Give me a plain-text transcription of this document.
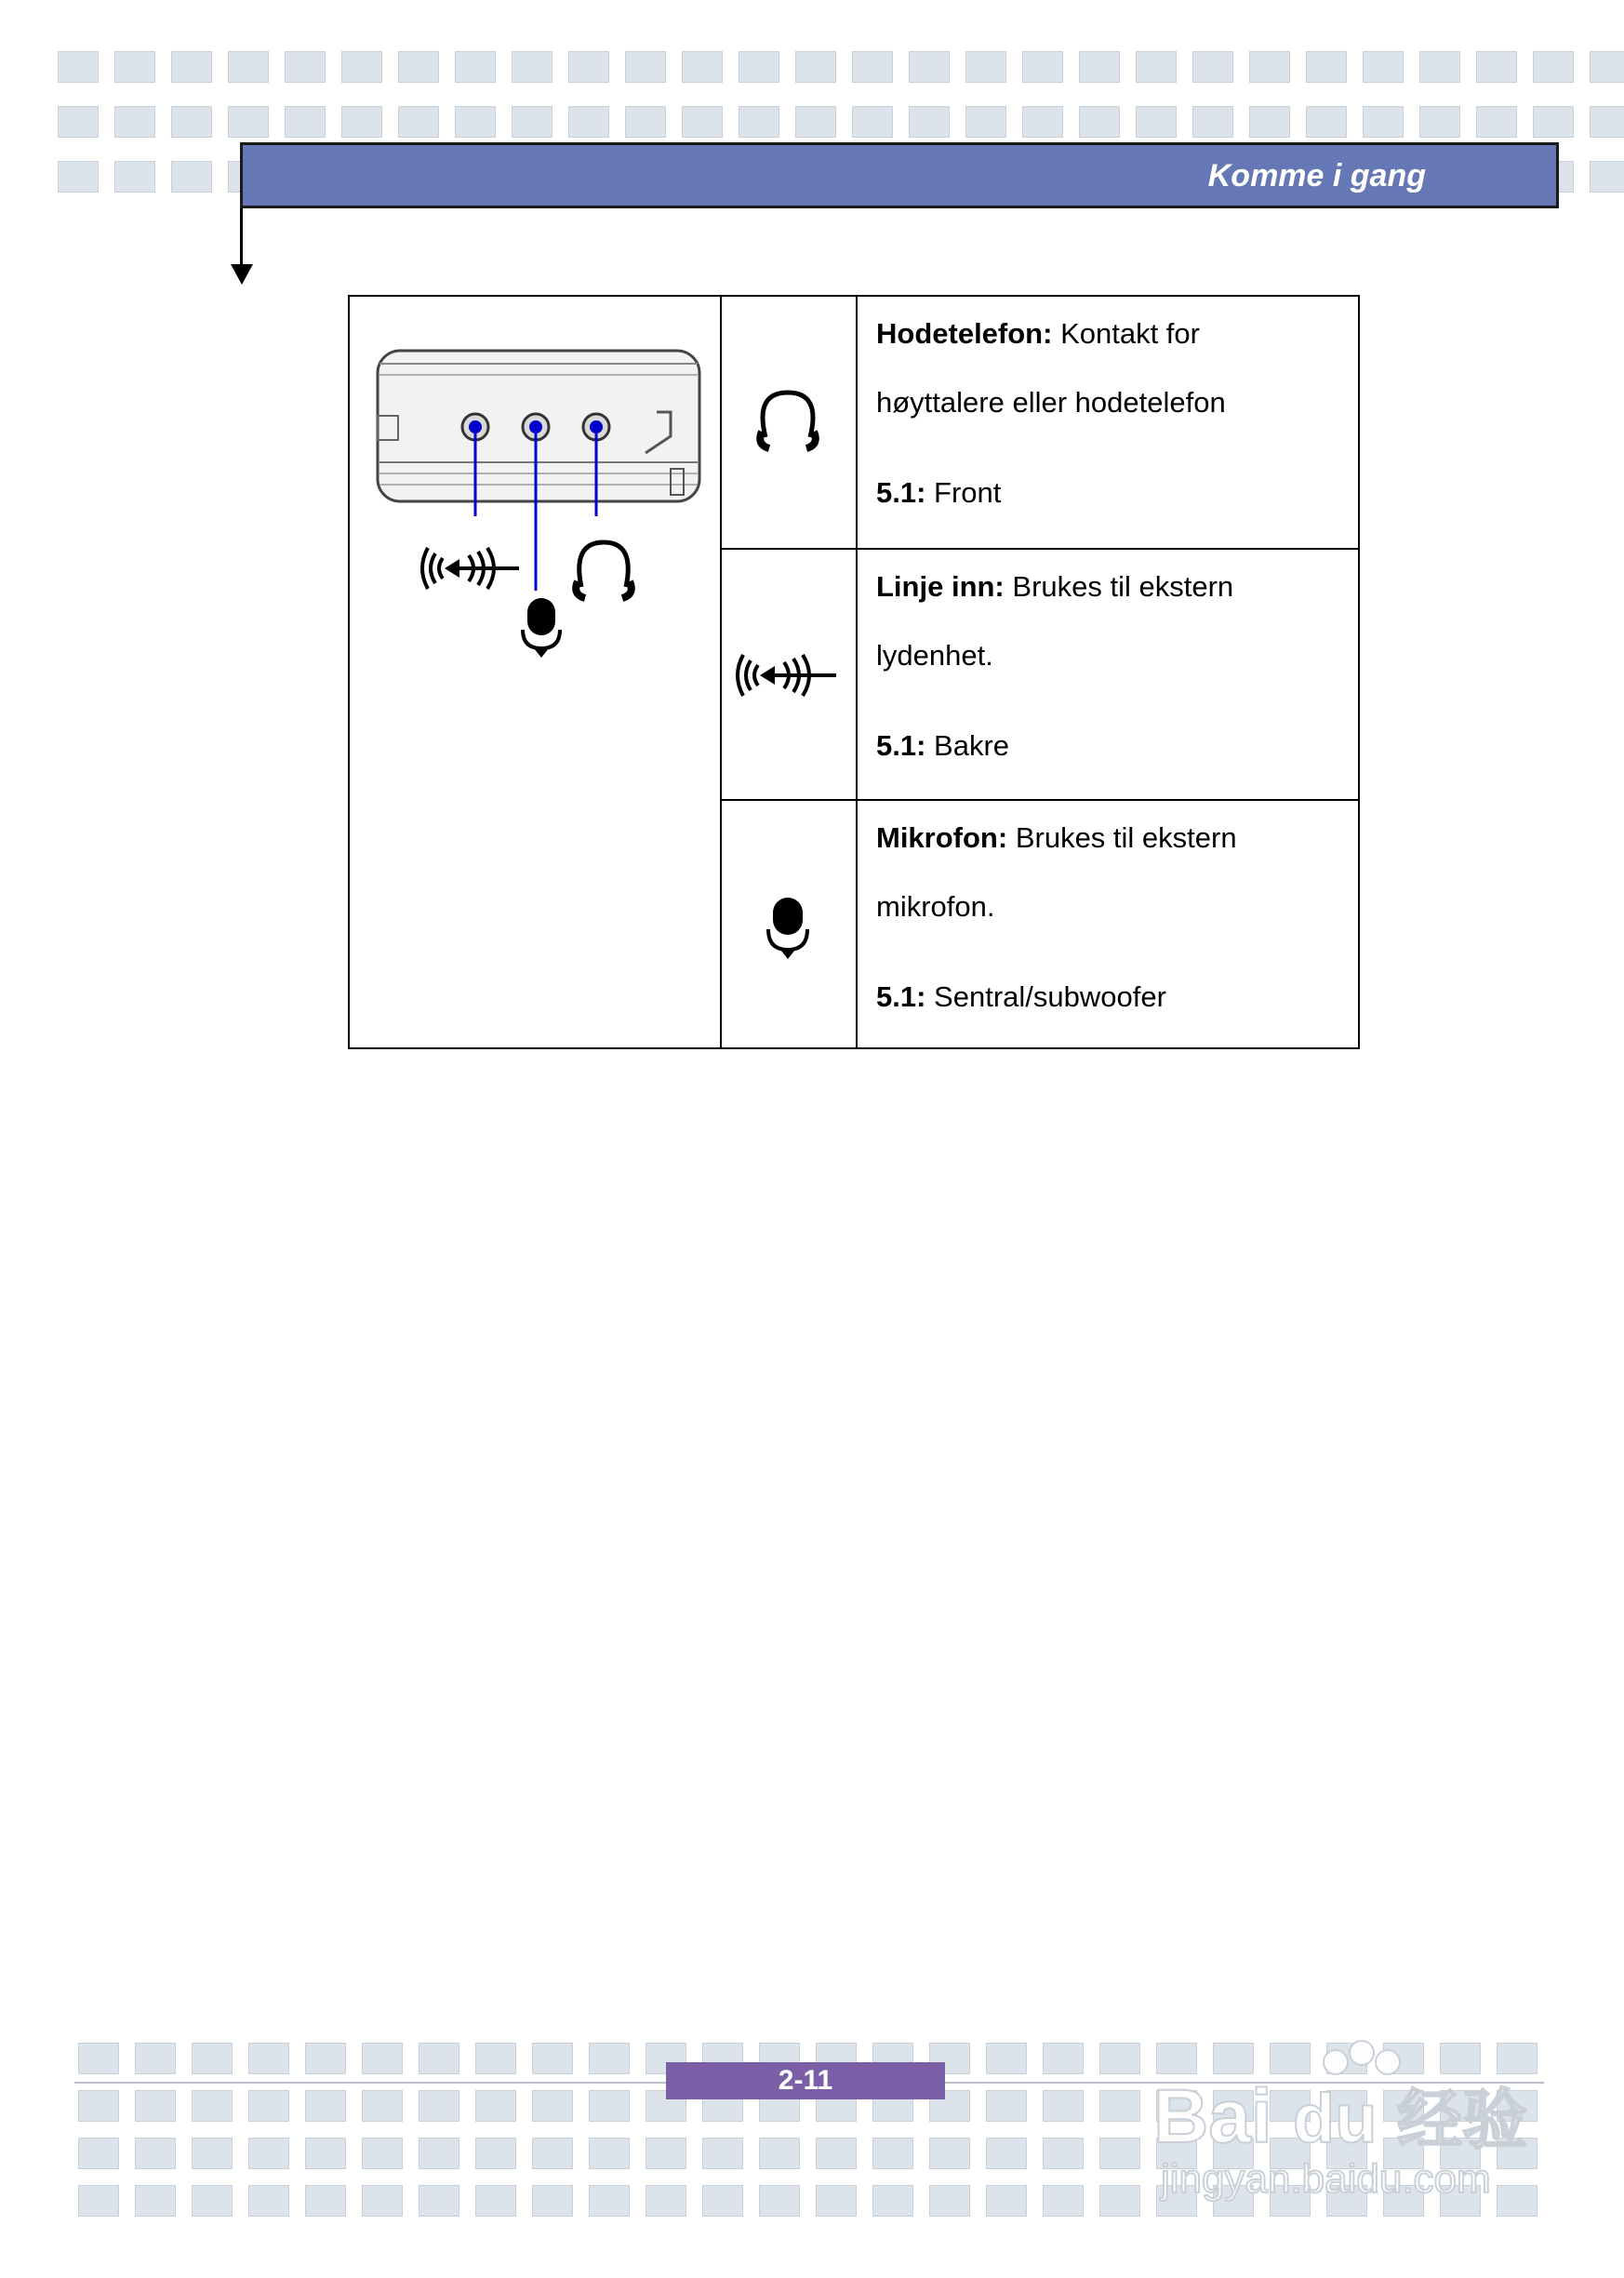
Komme i gang

Hodetelefon: Kontakt for

høyttalere eller hodetelefon

5.1: Front

Linje inn: Brukes til ekstern

lydenhet.

5.1: Bakre

Mikrofon: Brukes til ekstern

mikrofon.

5.1: Sentral/subwoofer

2-11	Bai du 经验
jingyan.baidu.com
